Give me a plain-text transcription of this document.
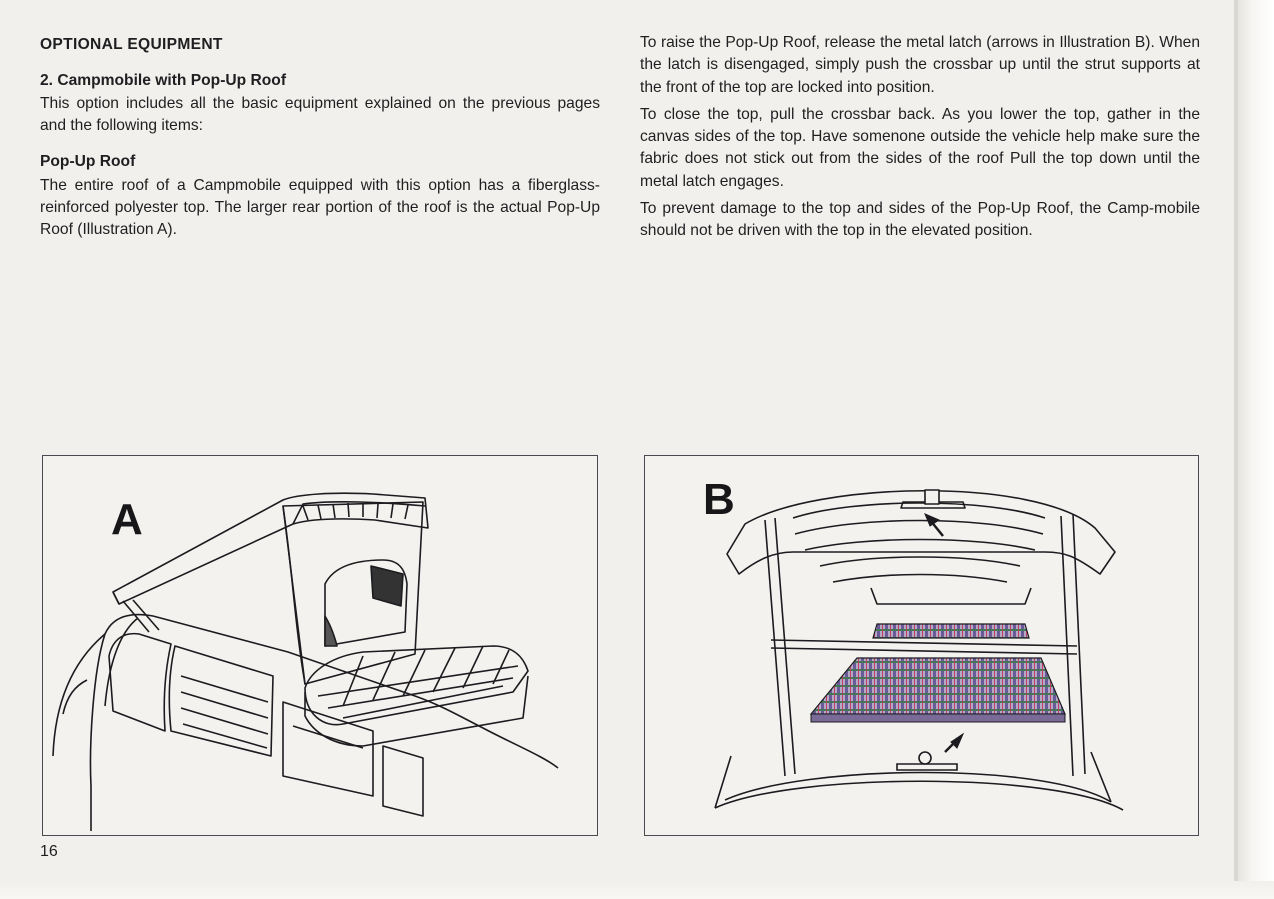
OPTIONAL EQUIPMENT
2. Campmobile with Pop-Up Roof

This option includes all the basic equipment explained on the previous pages and the following items:

Pop-Up Roof

The entire roof of a Campmobile equipped with this option has a fiberglass-reinforced polyester top. The larger rear portion of the roof is the actual Pop-Up Roof (Illustration A).

To raise the Pop-Up Roof, release the metal latch (arrows in Illustration B). When the latch is disengaged, simply push the crossbar up until the strut supports at the front of the top are locked into position.

To close the top, pull the crossbar back. As you lower the top, gather in the canvas sides of the top. Have somenone outside the vehicle help make sure the fabric does not stick out from the sides of the roof Pull the top down until the metal latch engages.

To prevent damage to the top and sides of the Pop-Up Roof, the Camp-mobile should not be driven with the top in the elevated position.

A	B
16
